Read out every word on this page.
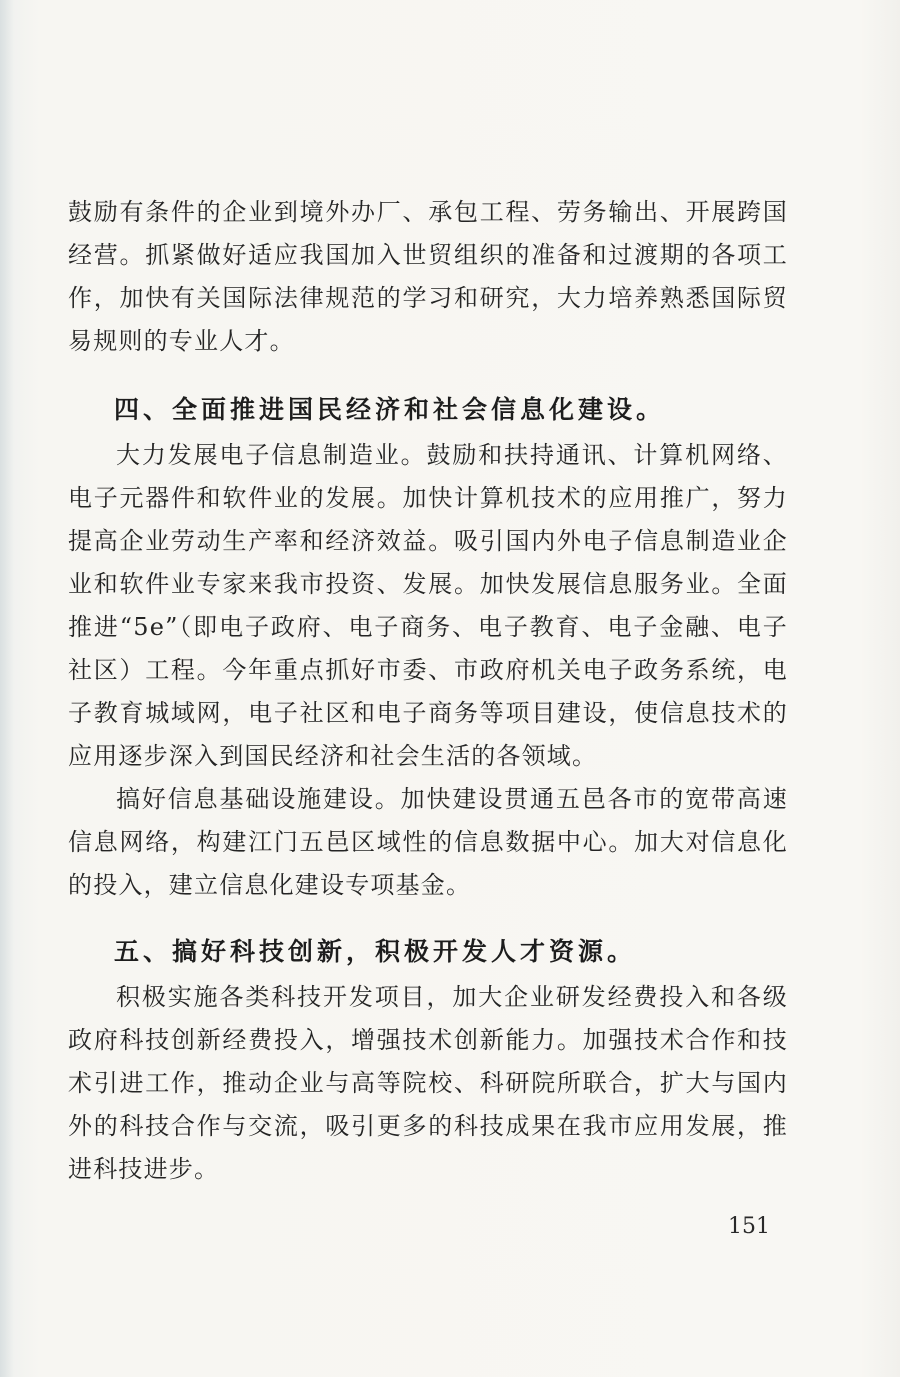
鼓励有条件的企业到境外办厂、承包工程、劳务输出、开展跨国经营。抓紧做好适应我国加入世贸组织的准备和过渡期的各项工作，加快有关国际法律规范的学习和研究，大力培养熟悉国际贸易规则的专业人才。

四、全面推进国民经济和社会信息化建设。

大力发展电子信息制造业。鼓励和扶持通讯、计算机网络、电子元器件和软件业的发展。加快计算机技术的应用推广，努力提高企业劳动生产率和经济效益。吸引国内外电子信息制造业企业和软件业专家来我市投资、发展。加快发展信息服务业。全面推进“5e”（即电子政府、电子商务、电子教育、电子金融、电子社区）工程。今年重点抓好市委、市政府机关电子政务系统，电子教育城域网，电子社区和电子商务等项目建设，使信息技术的应用逐步深入到国民经济和社会生活的各领域。

搞好信息基础设施建设。加快建设贯通五邑各市的宽带高速信息网络，构建江门五邑区域性的信息数据中心。加大对信息化的投入，建立信息化建设专项基金。

五、搞好科技创新，积极开发人才资源。

积极实施各类科技开发项目，加大企业研发经费投入和各级政府科技创新经费投入，增强技术创新能力。加强技术合作和技术引进工作，推动企业与高等院校、科研院所联合，扩大与国内外的科技合作与交流，吸引更多的科技成果在我市应用发展，推进科技进步。

151
